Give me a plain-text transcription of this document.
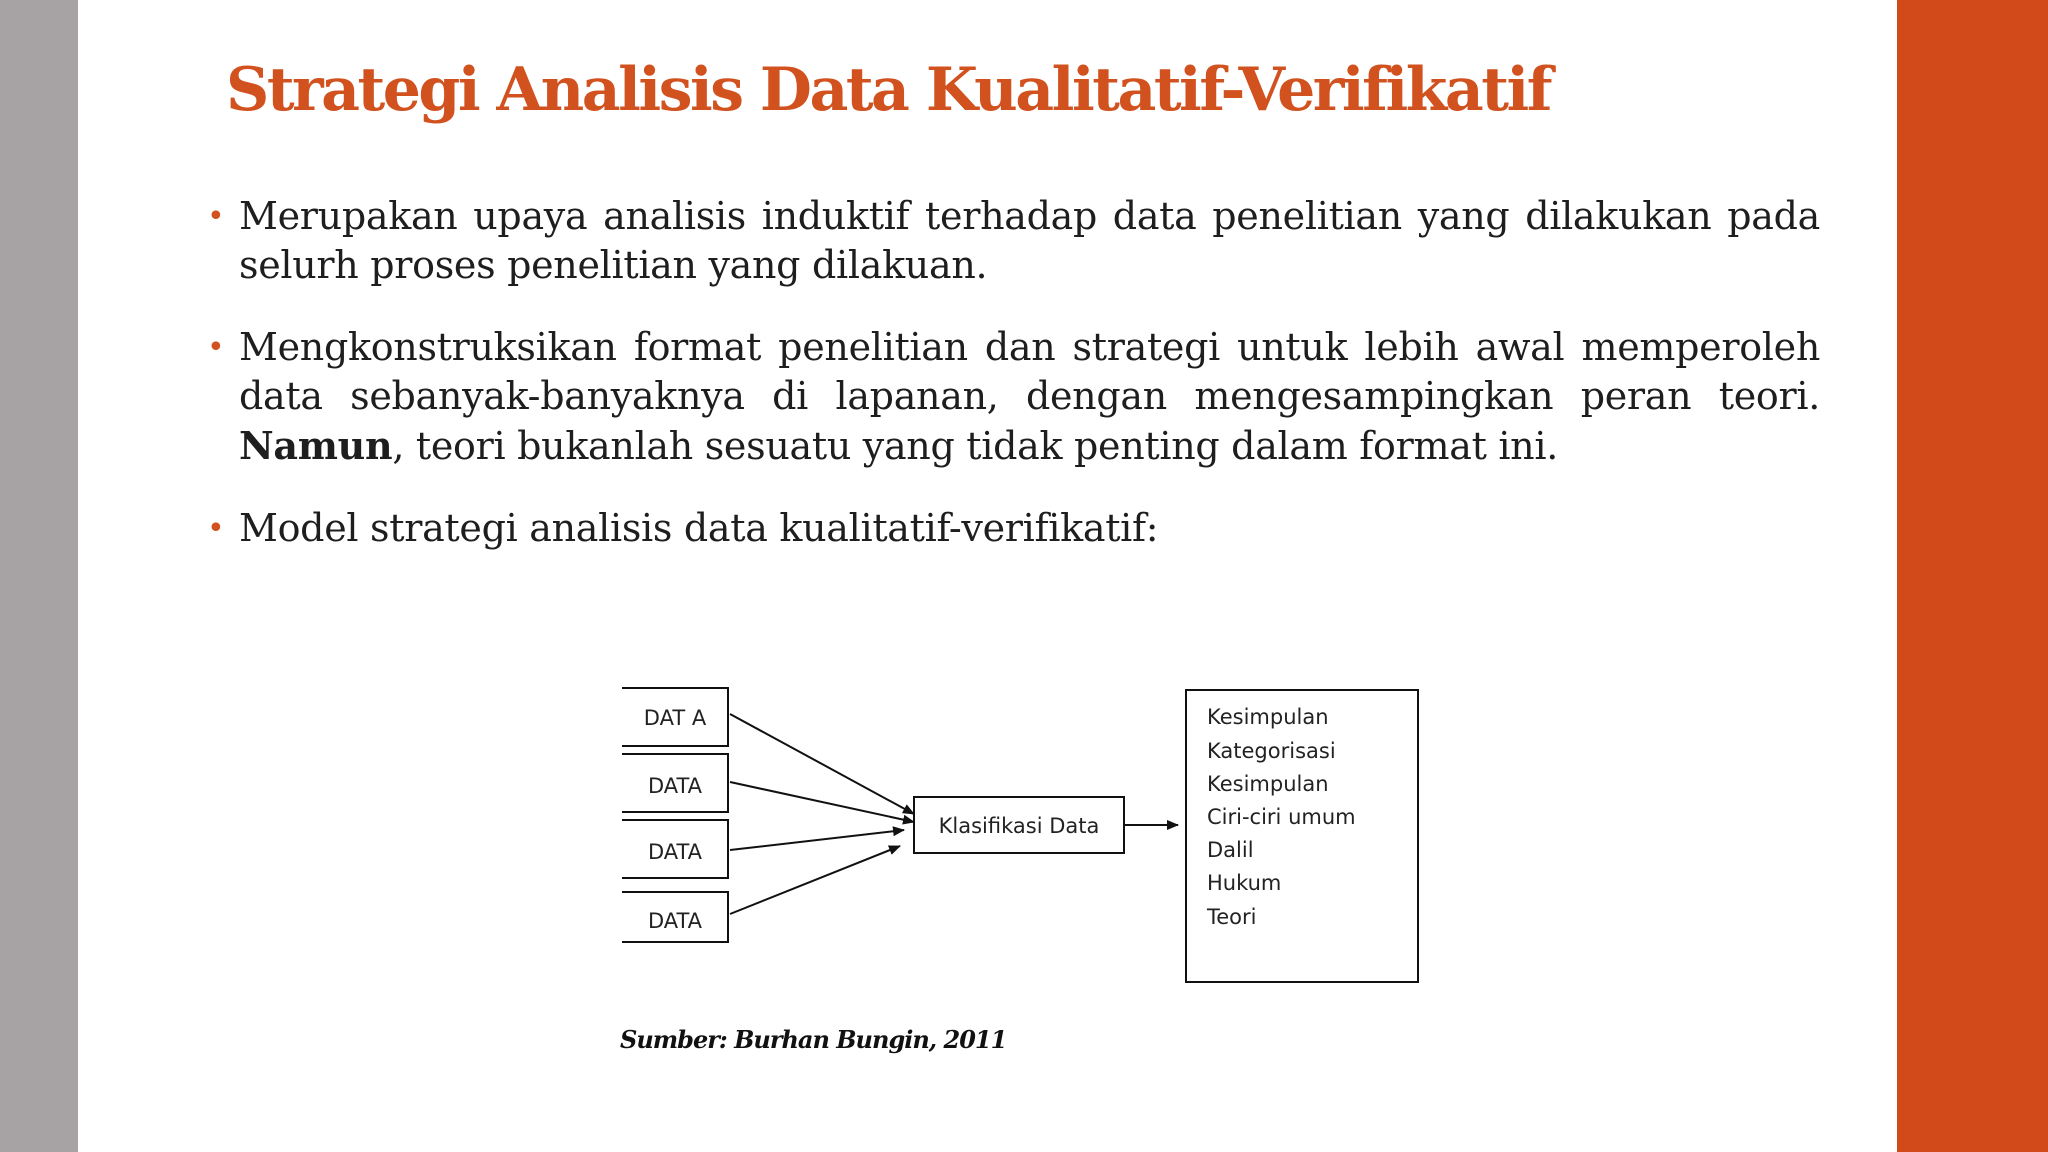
Strategi Analisis Data Kualitatif-Verifikatif
• Merupakan upaya analisis induktif terhadap data penelitian yang dilakukan pada selurh proses penelitian yang dilakuan.
• Mengkonstruksikan format penelitian dan strategi untuk lebih awal memperoleh data sebanyak-banyaknya di lapanan, dengan mengesampingkan peran teori. Namun, teori bukanlah sesuatu yang tidak penting dalam format ini.
• Model strategi analisis data kualitatif-verifikatif:
DAT A
DATA
DATA
DATA
Klasifikasi Data
Kesimpulan
Kategorisasi
Kesimpulan
Ciri-ciri umum
Dalil
Hukum
Teori
Sumber: Burhan Bungin, 2011
